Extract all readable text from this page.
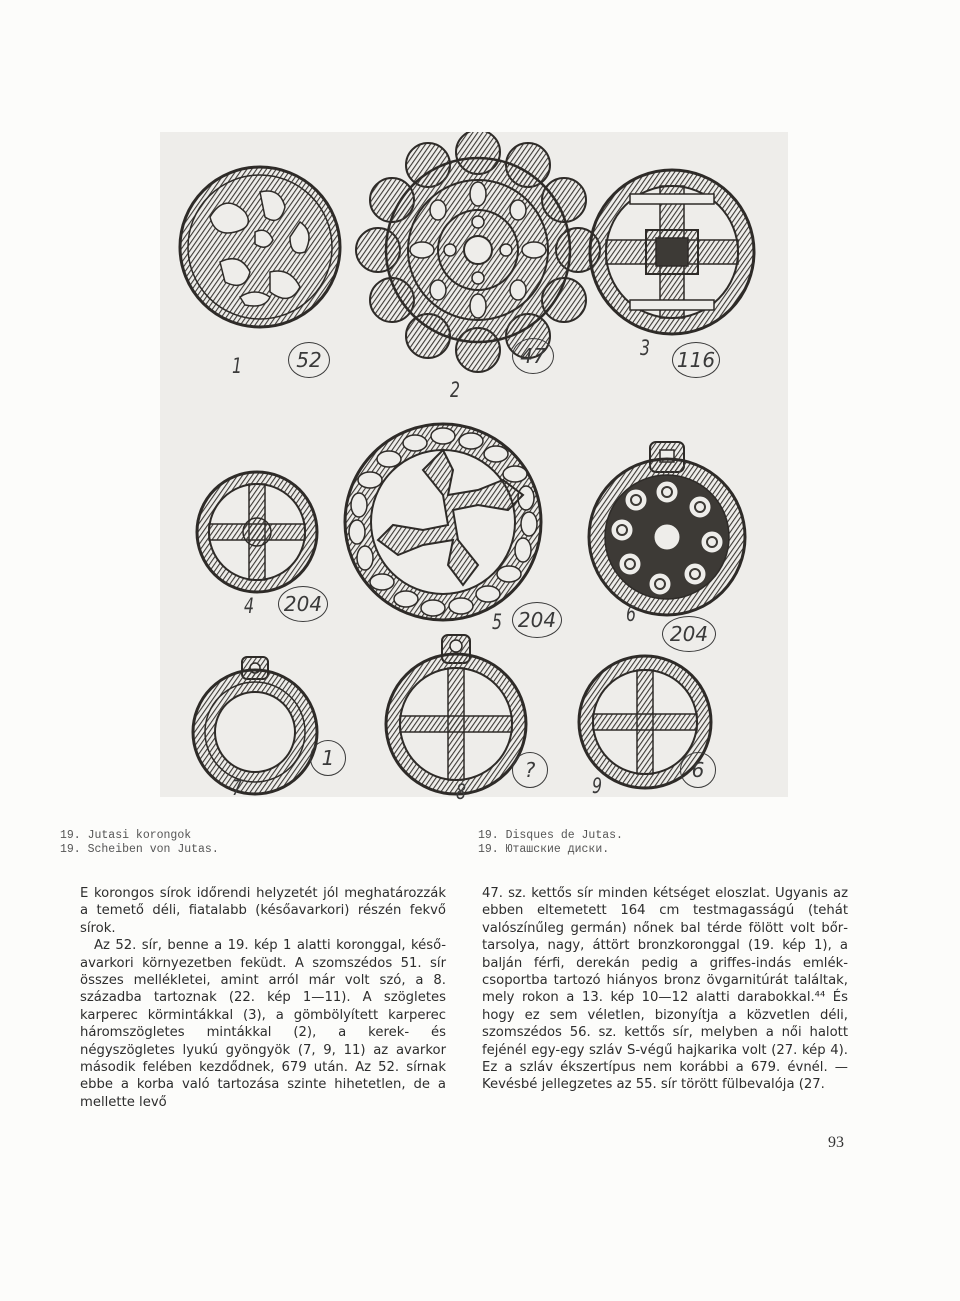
1	52
2
47	3 116
4 204
5 204	6
204
1
7	8
?
9
6
19. Jutasi korongok
19. Scheiben von Jutas.
19. Disques de Jutas.
19. Юташские диски.

E korongos sírok időrendi helyzetét jól meghatározzák a temető déli, fiatalabb (későavarkori) részén fekvő sírok.

Az 52. sír, benne a 19. kép 1 alatti koronggal, későavarkori környezetben feküdt. A szomszédos 51. sír összes mellékletei, amint arról már volt szó, a 8. századba tartoznak (22. kép 1—11). A szögletes karperec körmintákkal (3), a gömbölyített karperec háromszögletes mintákkal (2), a kerek- és négyszögletes lyukú gyöngyök (7, 9, 11) az avarkor második felében kezdődnek, 679 után. Az 52. sírnak ebbe a korba való tartozása szinte hihetetlen, de a mellette levő

47. sz. kettős sír minden kétséget eloszlat. Ugyanis az ebben eltemetett 164 cm testmagasságú (tehát valószínűleg germán) nőnek bal térde fölött volt bőrtarsolya, nagy, áttört bronzkoronggal (19. kép 1), a balján férfi, derekán pedig a griffes-indás emlékcsoportba tartozó hiányos bronz övgarnitúrát találtak, mely rokon a 13. kép 10—12 alatti darabokkal.⁴⁴ És hogy ez sem véletlen, bizonyítja a közvetlen déli, szomszédos 56. sz. kettős sír, melyben a női halott fejénél egy-egy szláv S-végű hajkarika volt (27. kép 4). Ez a szláv ékszertípus nem korábbi a 679. évnél. — Kevésbé jellegzetes az 55. sír törött fülbevalója (27.

93
